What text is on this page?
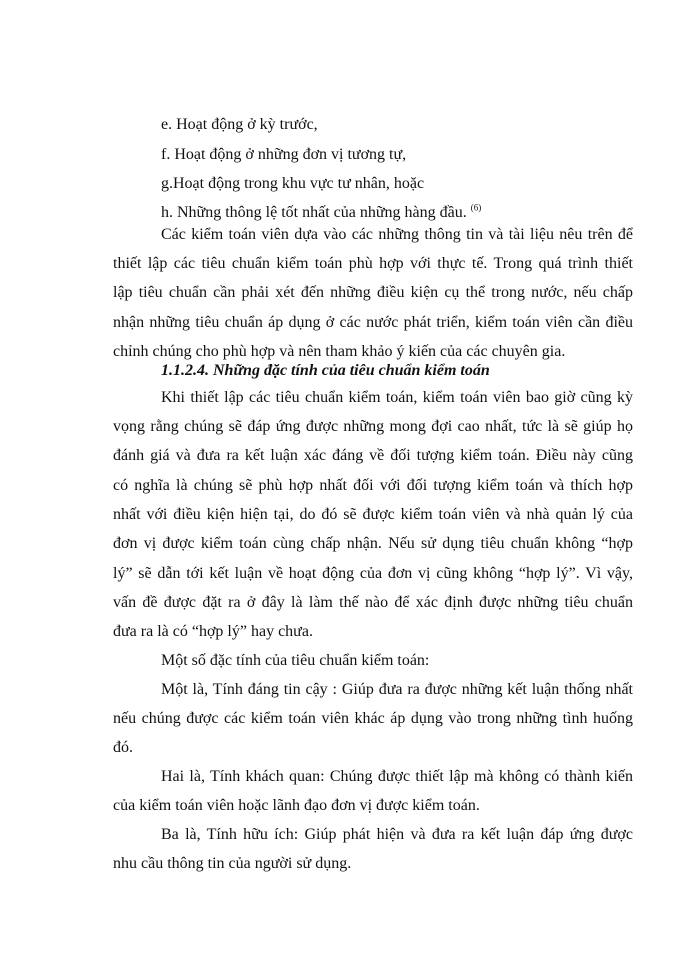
e. Hoạt động ở kỳ trước,
f. Hoạt động ở những đơn vị tương tự,
g.Hoạt động trong khu vực tư nhân, hoặc
h. Những thông lệ tốt nhất của những hàng đầu. $^{(6)}$
Các kiểm toán viên dựa vào các những thông tin và tài liệu nêu trên để
thiết lập các tiêu chuẩn kiểm toán phù hợp với thực tế. Trong quá trình thiết
lập tiêu chuẩn cần phải xét đến những điều kiện cụ thể trong nước, nếu chấp
nhận những tiêu chuẩn áp dụng ở các nước phát triển, kiểm toán viên cần điều
chỉnh chúng cho phù hợp và nên tham khảo ý kiến của các chuyên gia.
1.1.2.4. Những đặc tính của tiêu chuẩn kiểm toán
Khi thiết lập các tiêu chuẩn kiểm toán, kiểm toán viên bao giờ cũng kỳ
vọng rằng chúng sẽ đáp ứng được những mong đợi cao nhất, tức là sẽ giúp họ
đánh giá và đưa ra kết luận xác đáng về đối tượng kiểm toán. Điều này cũng
có nghĩa là chúng sẽ phù hợp nhất đối với đối tượng kiểm toán và thích hợp
nhất với điều kiện hiện tại, do đó sẽ được kiểm toán viên và nhà quản lý của
đơn vị được kiểm toán cùng chấp nhận. Nếu sử dụng tiêu chuẩn không “hợp
lý” sẽ dẫn tới kết luận về hoạt động của đơn vị cũng không “hợp lý”. Vì vậy,
vấn đề được đặt ra ở đây là làm thế nào để xác định được những tiêu chuẩn
đưa ra là có “hợp lý” hay chưa.
Một số đặc tính của tiêu chuẩn kiểm toán:
Một là, Tính đáng tin cậy : Giúp đưa ra được những kết luận thống nhất
nếu chúng được các kiểm toán viên khác áp dụng vào trong những tình huống
đó.
Hai là, Tính khách quan: Chúng được thiết lập mà không có thành kiến
của kiểm toán viên hoặc lãnh đạo đơn vị được kiểm toán.
Ba là, Tính hữu ích: Giúp phát hiện và đưa ra kết luận đáp ứng được
nhu cầu thông tin của người sử dụng.
